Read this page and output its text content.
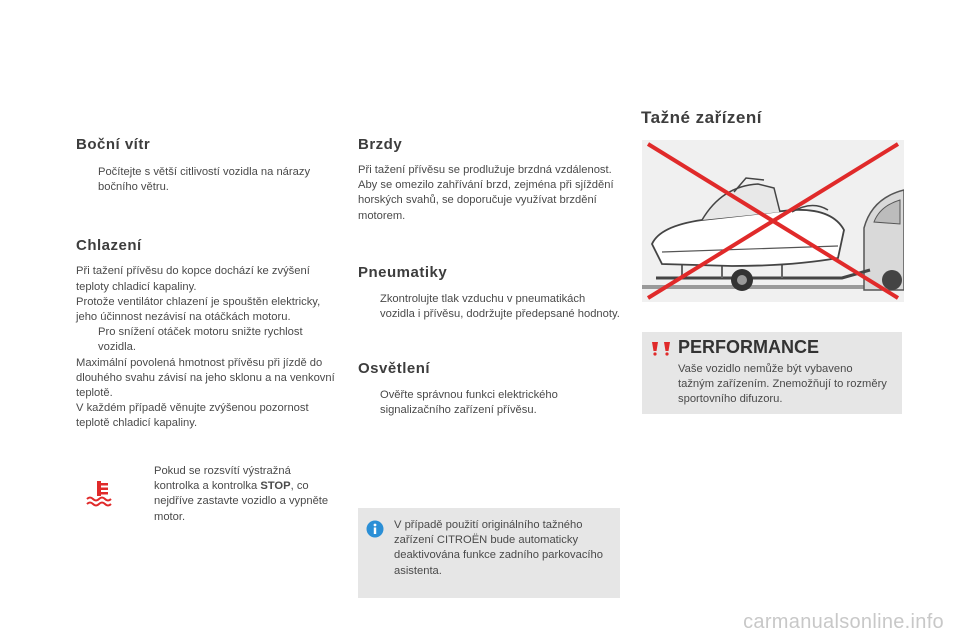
Boční vítr

Počítejte s větší citlivostí vozidla na nárazy bočního větru.

Chlazení

Při tažení přívěsu do kopce dochází ke zvýšení teploty chladicí kapaliny.

Protože ventilátor chlazení je spouštěn elektricky, jeho účinnost nezávisí na otáčkách motoru.

Pro snížení otáček motoru snižte rychlost vozidla.

Maximální povolená hmotnost přívěsu při jízdě do dlouhého svahu závisí na jeho sklonu a na venkovní teplotě.

V každém případě věnujte zvýšenou pozornost teplotě chladicí kapaliny.

Pokud se rozsvítí výstražná kontrolka a kontrolka STOP, co nejdříve zastavte vozidlo a vypněte motor.

Brzdy

Při tažení přívěsu se prodlužuje brzdná vzdálenost.

Aby se omezilo zahřívání brzd, zejména při sjíždění horských svahů, se doporučuje využívat brzdění motorem.

Pneumatiky

Zkontrolujte tlak vzduchu v pneumatikách vozidla i přívěsu, dodržujte předepsané hodnoty.

Osvětlení

Ověřte správnou funkci elektrického signalizačního zařízení přívěsu.

V případě použití originálního tažného zařízení CITROËN bude automaticky deaktivována funkce zadního parkovacího asistenta.

Tažné zařízení
PERFORMANCE

Vaše vozidlo nemůže být vybaveno tažným zařízením. Znemožňují to rozměry sportovního difuzoru.

carmanualsonline.info
